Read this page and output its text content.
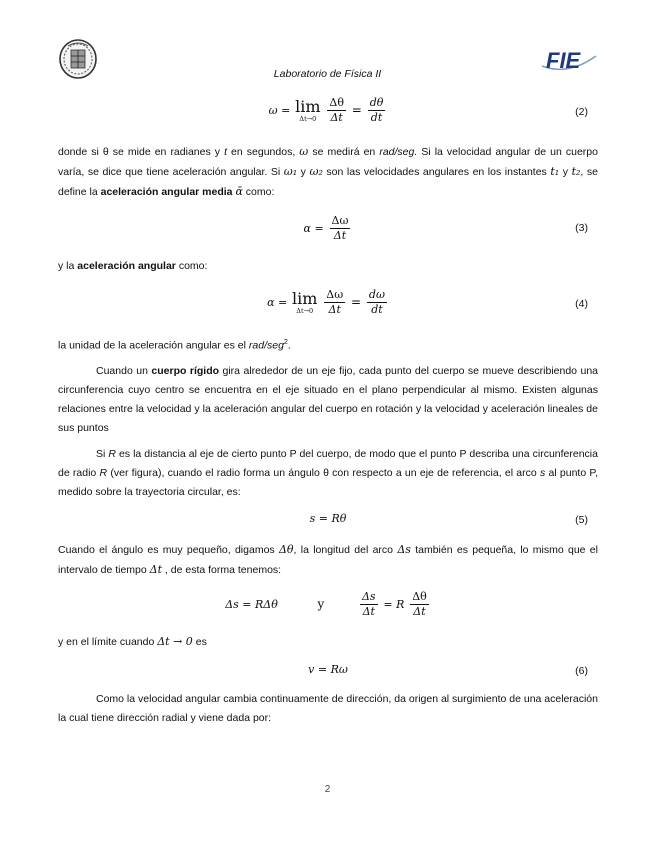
FIE
Laboratorio de Física II
ω = lim
Δt→0
	$\frac{\Delta\theta}{\Delta t} = \frac{d\theta}{dt}$	(2)

donde si θ se mide en radianes y t en segundos, ω se medirá en rad/seg. Si la velocidad angular de un cuerpo varía, se dice que tiene aceleración angular. Si ω₁ y ω₂ son las velocidades angulares en los instantes t₁ y t₂, se define la aceleración angular media ᾱ como:

$\alpha = \frac{\Delta\omega}{\Delta t}$	(3)

y la aceleración angular como:

α = lim
Δt→0
	$\frac{\Delta\omega}{\Delta t} = \frac{d\omega}{dt}$	(4)

la unidad de la aceleración angular es el rad/seg$^2$.

Cuando un cuerpo rígido gira alrededor de un eje fijo, cada punto del cuerpo se mueve describiendo una circunferencia cuyo centro se encuentra en el eje situado en el plano perpendicular al mismo. Existen algunas relaciones entre la velocidad y la aceleración angular del cuerpo en rotación y la velocidad y aceleración lineales de sus puntos

Si R es la distancia al eje de cierto punto P del cuerpo, de modo que el punto P describa una circunferencia de radio R (ver figura), cuando el radio forma un ángulo θ con respecto a un eje de referencia, el arco s al punto P, medido sobre la trayectoria circular, es:

s = Rθ	(5)

Cuando el ángulo es muy pequeño, digamos Δθ, la longitud del arco Δs también es pequeña, lo mismo que el intervalo de tiempo Δt , de esta forma tenemos:

Δs = RΔθ	y	$\frac{\Delta s}{\Delta t} = R \frac{\Delta\theta}{\Delta t}$

y en el límite cuando Δt → 0 es

v = Rω	(6)

Como la velocidad angular cambia continuamente de dirección, da origen al surgimiento de una aceleración la cual tiene dirección radial y viene dada por:

2
